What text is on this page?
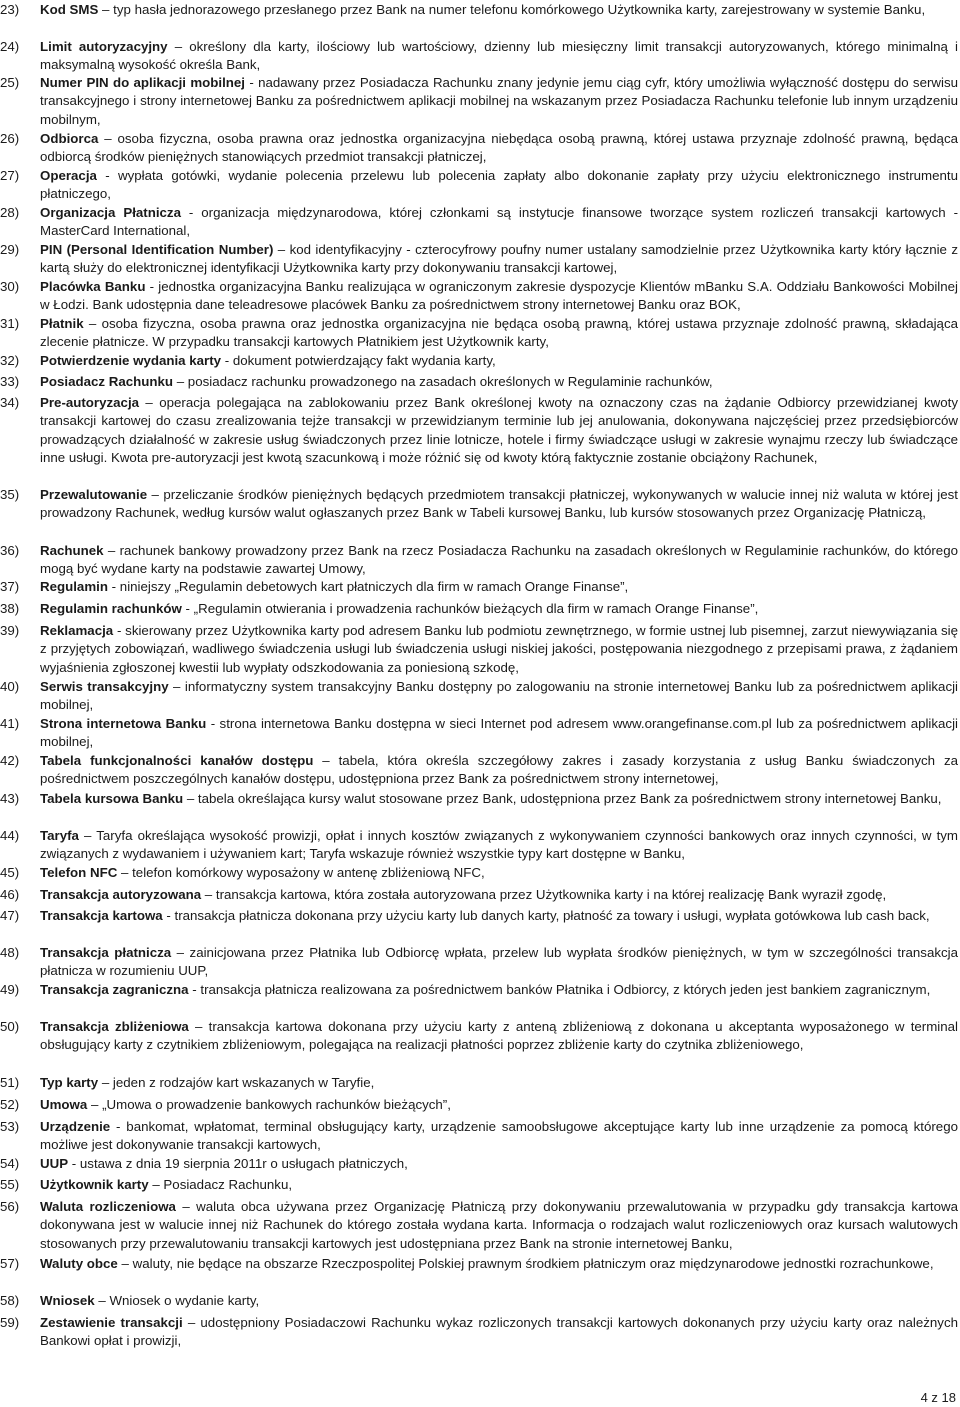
23)	Kod SMS – typ hasła jednorazowego przesłanego przez Bank na numer telefonu komórkowego Użytkownika karty, zarejestrowany w systemie Banku,
24)	Limit autoryzacyjny – określony dla karty, ilościowy lub wartościowy, dzienny lub miesięczny limit transakcji autoryzowanych, którego minimalną i maksymalną wysokość określa Bank,
25)	Numer PIN do aplikacji mobilnej - nadawany przez Posiadacza Rachunku znany jedynie jemu ciąg cyfr, który umożliwia wyłączność dostępu do serwisu transakcyjnego i strony internetowej Banku za pośrednictwem aplikacji mobilnej na wskazanym przez Posiadacza Rachunku telefonie lub innym urządzeniu mobilnym,
26)	Odbiorca – osoba fizyczna, osoba prawna oraz jednostka organizacyjna niebędąca osobą prawną, której ustawa przyznaje zdolność prawną, będąca odbiorcą środków pieniężnych stanowiących przedmiot transakcji płatniczej,
27)	Operacja - wypłata gotówki, wydanie polecenia przelewu lub polecenia zapłaty albo dokonanie zapłaty przy użyciu elektronicznego instrumentu płatniczego,
28)	Organizacja Płatnicza - organizacja międzynarodowa, której członkami są instytucje finansowe tworzące system rozliczeń transakcji kartowych - MasterCard International,
29)	PIN (Personal Identification Number) – kod identyfikacyjny - czterocyfrowy poufny numer ustalany samodzielnie przez Użytkownika karty który łącznie z kartą służy do elektronicznej identyfikacji Użytkownika karty przy dokonywaniu transakcji kartowej,
30)	Placówka Banku - jednostka organizacyjna Banku realizująca w ograniczonym zakresie dyspozycje Klientów mBanku S.A. Oddziału Bankowości Mobilnej w Łodzi. Bank udostępnia dane teleadresowe placówek Banku za pośrednictwem strony internetowej Banku oraz BOK,
31)	Płatnik – osoba fizyczna, osoba prawna oraz jednostka organizacyjna nie będąca osobą prawną, której ustawa przyznaje zdolność prawną, składająca zlecenie płatnicze. W przypadku transakcji kartowych Płatnikiem jest Użytkownik karty,
32)	Potwierdzenie wydania karty - dokument potwierdzający fakt wydania karty,
33)	Posiadacz Rachunku – posiadacz rachunku prowadzonego na zasadach określonych w Regulaminie rachunków,
34)	Pre-autoryzacja – operacja polegająca na zablokowaniu przez Bank określonej kwoty na oznaczony czas na żądanie Odbiorcy przewidzianej kwoty transakcji kartowej do czasu zrealizowania tejże transakcji w przewidzianym terminie lub jej anulowania, dokonywana najczęściej przez przedsiębiorców prowadzących działalność w zakresie usług świadczonych przez linie lotnicze, hotele i firmy świadczące usługi w zakresie wynajmu rzeczy lub świadczące inne usługi. Kwota pre-autoryzacji jest kwotą szacunkową i może różnić się od kwoty którą faktycznie zostanie obciążony Rachunek,
35)	Przewalutowanie – przeliczanie środków pieniężnych będących przedmiotem transakcji płatniczej, wykonywanych w walucie innej niż waluta w której jest prowadzony Rachunek, według kursów walut ogłaszanych przez Bank w Tabeli kursowej Banku, lub kursów stosowanych przez Organizację Płatniczą,
36)	Rachunek – rachunek bankowy prowadzony przez Bank na rzecz Posiadacza Rachunku na zasadach określonych w Regulaminie rachunków, do którego mogą być wydane karty na podstawie zawartej Umowy,
37)	Regulamin - niniejszy „Regulamin debetowych kart płatniczych dla firm w ramach Orange Finanse”,
38)	Regulamin rachunków - „Regulamin otwierania i prowadzenia rachunków bieżących dla firm w ramach Orange Finanse”,
39)	Reklamacja - skierowany przez Użytkownika karty pod adresem Banku lub podmiotu zewnętrznego, w formie ustnej lub pisemnej, zarzut niewywiązania się z przyjętych zobowiązań, wadliwego świadczenia usługi lub świadczenia usługi niskiej jakości, postępowania niezgodnego z przepisami prawa, z żądaniem wyjaśnienia zgłoszonej kwestii lub wypłaty odszkodowania za poniesioną szkodę,
40)	Serwis transakcyjny – informatyczny system transakcyjny Banku dostępny po zalogowaniu na stronie internetowej Banku lub za pośrednictwem aplikacji mobilnej,
41)	Strona internetowa Banku - strona internetowa Banku dostępna w sieci Internet pod adresem www.orangefinanse.com.pl lub za pośrednictwem aplikacji mobilnej,
42)	Tabela funkcjonalności kanałów dostępu – tabela, która określa szczegółowy zakres i zasady korzystania z usług Banku świadczonych za pośrednictwem poszczególnych kanałów dostępu, udostępniona przez Bank za pośrednictwem strony internetowej,
43)	Tabela kursowa Banku – tabela określająca kursy walut stosowane przez Bank, udostępniona przez Bank za pośrednictwem strony internetowej Banku,
44)	Taryfa – Taryfa określająca wysokość prowizji, opłat i innych kosztów związanych z wykonywaniem czynności bankowych oraz innych czynności, w tym związanych z wydawaniem i używaniem kart; Taryfa wskazuje również wszystkie typy kart dostępne w Banku,
45)	Telefon NFC – telefon komórkowy wyposażony w antenę zbliżeniową NFC,
46)	Transakcja autoryzowana – transakcja kartowa, która została autoryzowana przez Użytkownika karty i na której realizację Bank wyraził zgodę,
47)	Transakcja kartowa - transakcja płatnicza dokonana przy użyciu karty lub danych karty, płatność za towary i usługi, wypłata gotówkowa lub cash back,
48)	Transakcja płatnicza – zainicjowana przez Płatnika lub Odbiorcę wpłata, przelew lub wypłata środków pieniężnych, w tym w szczególności transakcja płatnicza w rozumieniu UUP,
49)	Transakcja zagraniczna - transakcja płatnicza realizowana za pośrednictwem banków Płatnika i Odbiorcy, z których jeden jest bankiem zagranicznym,
50)	Transakcja zbliżeniowa – transakcja kartowa dokonana przy użyciu karty z anteną zbliżeniową z dokonana u akceptanta wyposażonego w terminal obsługujący karty z czytnikiem zbliżeniowym, polegająca na realizacji płatności poprzez zbliżenie karty do czytnika zbliżeniowego,
51)	Typ karty – jeden z rodzajów kart wskazanych w Taryfie,
52)	Umowa – „Umowa o prowadzenie bankowych rachunków bieżących”,
53)	Urządzenie - bankomat, wpłatomat, terminal obsługujący karty, urządzenie samoobsługowe akceptujące karty lub inne urządzenie za pomocą którego możliwe jest dokonywanie transakcji kartowych,
54)	UUP - ustawa z dnia 19 sierpnia 2011r o usługach płatniczych,
55)	Użytkownik karty – Posiadacz Rachunku,
56)	Waluta rozliczeniowa – waluta obca używana przez Organizację Płatniczą przy dokonywaniu przewalutowania w przypadku gdy transakcja kartowa dokonywana jest w walucie innej niż Rachunek do którego została wydana karta. Informacja o rodzajach walut rozliczeniowych oraz kursach walutowych stosowanych przy przewalutowaniu transakcji kartowych jest udostępniana przez Bank na stronie internetowej Banku,
57)	Waluty obce – waluty, nie będące na obszarze Rzeczpospolitej Polskiej prawnym środkiem płatniczym oraz międzynarodowe jednostki rozrachunkowe,
58)	Wniosek – Wniosek o wydanie karty,
59)	Zestawienie transakcji – udostępniony Posiadaczowi Rachunku wykaz rozliczonych transakcji kartowych dokonanych przy użyciu karty oraz należnych Bankowi opłat i prowizji,
4 z 18
